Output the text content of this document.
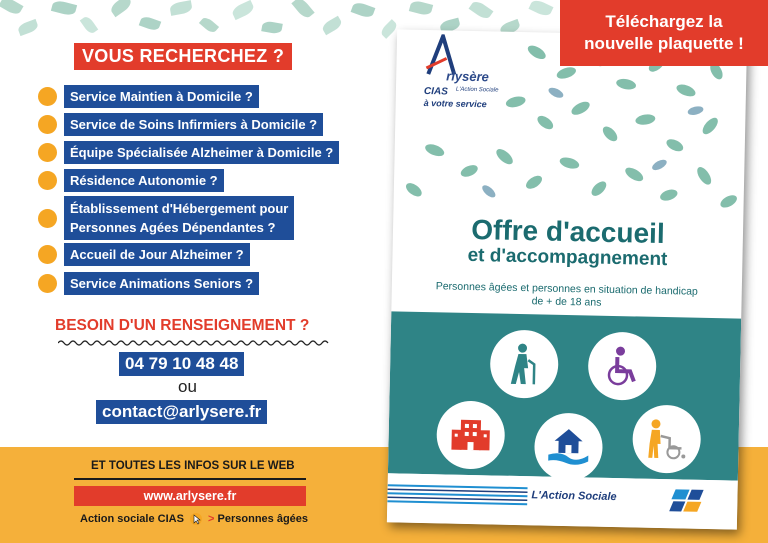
VOUS RECHERCHEZ ?
Service Maintien à Domicile ?
Service de Soins Infirmiers à Domicile ?
Équipe Spécialisée Alzheimer à Domicile ?
Résidence Autonomie ?
Établissement d'Hébergement pour
Personnes Agées Dépendantes ?
Accueil de Jour Alzheimer ?
Service Animations Seniors ?
BESOIN D'UN RENSEIGNEMENT ?
04 79 10 48 48
ou
contact@arlysere.fr
ET TOUTES LES INFOS SUR LE WEB
www.arlysere.fr
Action sociale CIAS > Personnes âgées
rlysère
CIAS L'Action Sociale
à votre service
Offre d'accueil
et d'accompagnement
Personnes âgées et personnes en situation de handicap
de + de 18 ans
L'Action Sociale
Téléchargez la
nouvelle plaquette !
